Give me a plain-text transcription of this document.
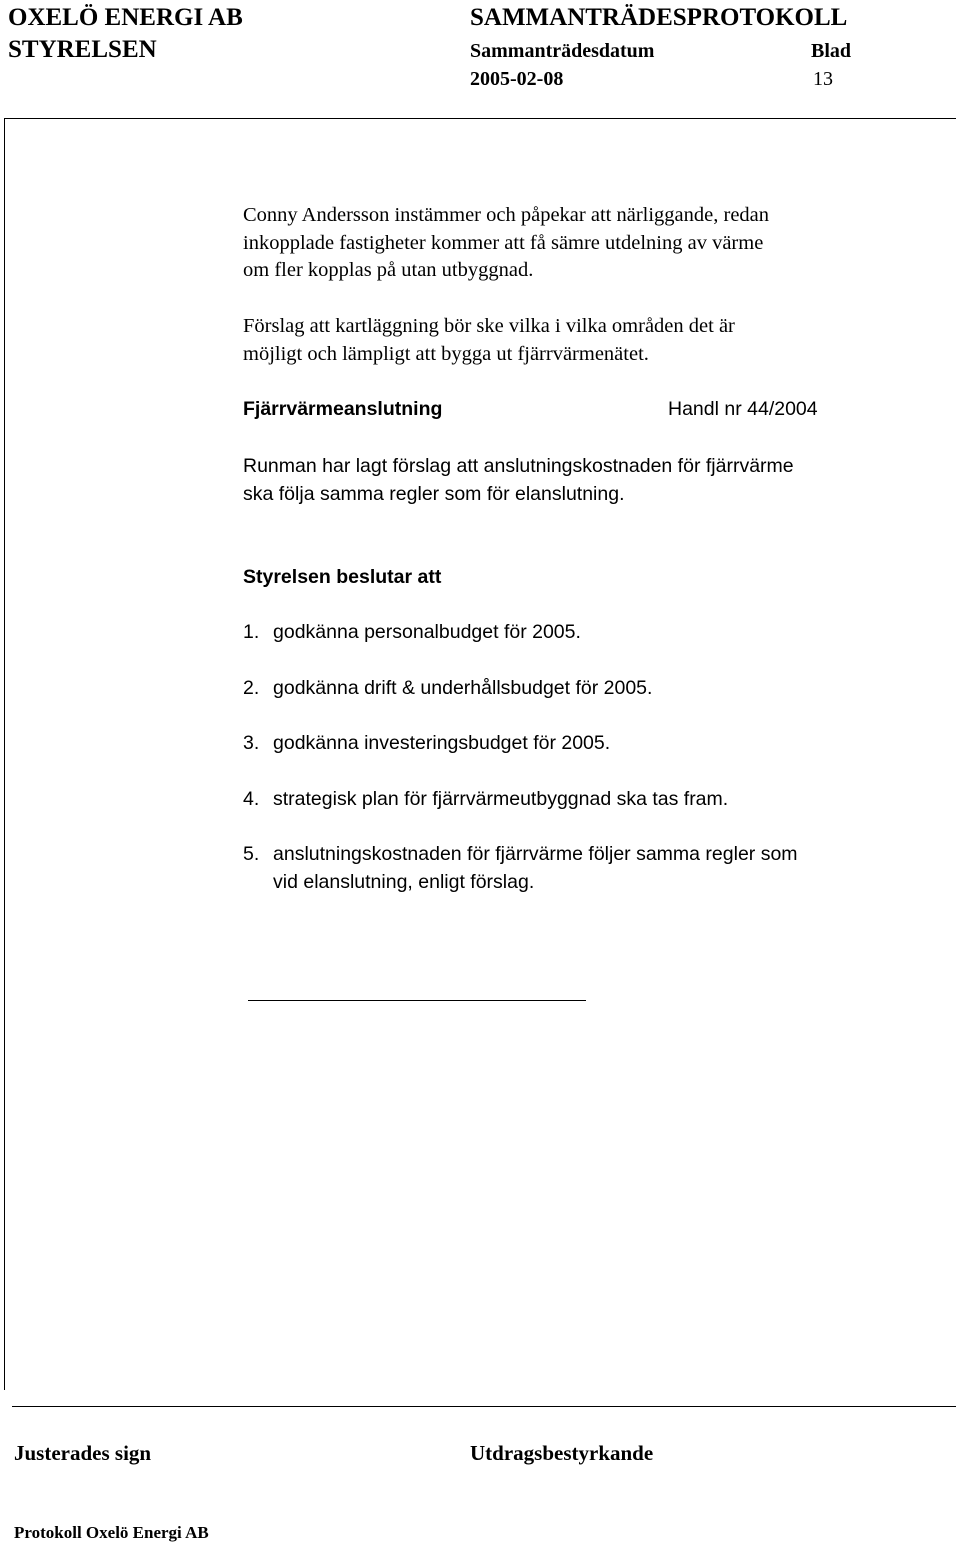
OXELÖ ENERGI AB	SAMMANTRÄDESPROTOKOLL
STYRELSEN	Sammanträdesdatum	Blad
2005-02-08	13
Conny Andersson instämmer och påpekar att närliggande, redan
inkopplade fastigheter kommer att få sämre utdelning av värme
om fler kopplas på utan utbyggnad.
Förslag att kartläggning bör ske vilka i vilka områden det är
möjligt och lämpligt att bygga ut fjärrvärmenätet.
Fjärrvärmeanslutning	Handl nr 44/2004
Runman har lagt förslag att anslutningskostnaden för fjärrvärme
ska följa samma regler som för elanslutning.
Styrelsen beslutar att
1. godkänna personalbudget för 2005.
2. godkänna drift & underhållsbudget för 2005.
3. godkänna investeringsbudget för 2005.
4. strategisk plan för fjärrvärmeutbyggnad ska tas fram.
5. anslutningskostnaden för fjärrvärme följer samma regler som
vid elanslutning, enligt förslag.
Justerades sign	Utdragsbestyrkande
Protokoll Oxelö Energi AB
